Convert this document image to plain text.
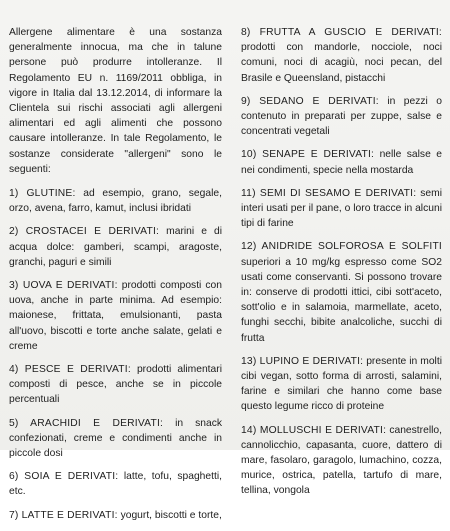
Allergene alimentare è una sostanza generalmente innocua, ma che in talune persone può produrre intolleranze. Il Regolamento EU n. 1169/2011 obbliga, in vigore in Italia dal 13.12.2014, di informare la Clientela sui rischi associati agli allergeni alimentari ed agli alimenti che possono causare intolleranze. In tale Regolamento, le sostanze considerate "allergeni" sono le seguenti:

1) GLUTINE: ad esempio, grano, segale, orzo, avena, farro, kamut, inclusi ibridati

2) CROSTACEI E DERIVATI: marini e di acqua dolce: gamberi, scampi, aragoste, granchi, paguri e simili

3) UOVA E DERIVATI: prodotti composti con uova, anche in parte minima. Ad esempio: maionese, frittata, emulsionanti, pasta all'uovo, biscotti e torte anche salate, gelati e creme

4) PESCE E DERIVATI: prodotti alimentari composti di pesce, anche se in piccole percentuali

5) ARACHIDI E DERIVATI: in snack confezionati, creme e condimenti anche in piccole dosi

6) SOIA E DERIVATI: latte, tofu, spaghetti, etc.

7) LATTE E DERIVATI: yogurt, biscotti e torte,

8) FRUTTA A GUSCIO E DERIVATI: prodotti con mandorle, nocciole, noci comuni, noci di acagiù, noci pecan, del Brasile e Queensland, pistacchi

9) SEDANO E DERIVATI: in pezzi o contenuto in preparati per zuppe, salse e concentrati vegetali

10) SENAPE E DERIVATI: nelle salse e nei condimenti, specie nella mostarda

11) SEMI DI SESAMO E DERIVATI: semi interi usati per il pane, o loro tracce in alcuni tipi di farine

12) ANIDRIDE SOLFOROSA E SOLFITI superiori a 10 mg/kg espresso come SO2 usati come conservanti. Si possono trovare in: conserve di prodotti ittici, cibi sott'aceto, sott'olio e in salamoia, marmellate, aceto, funghi secchi, bibite analcoliche, succhi di frutta

13) LUPINO E DERIVATI: presente in molti cibi vegan, sotto forma di arrosti, salamini, farine e similari che hanno come base questo legume ricco di proteine

14) MOLLUSCHI E DERIVATI: canestrello, cannolicchio, capasanta, cuore, dattero di mare, fasolaro, garagolo, lumachino, cozza, murice, ostrica, patella, tartufo di mare, tellina, vongola
